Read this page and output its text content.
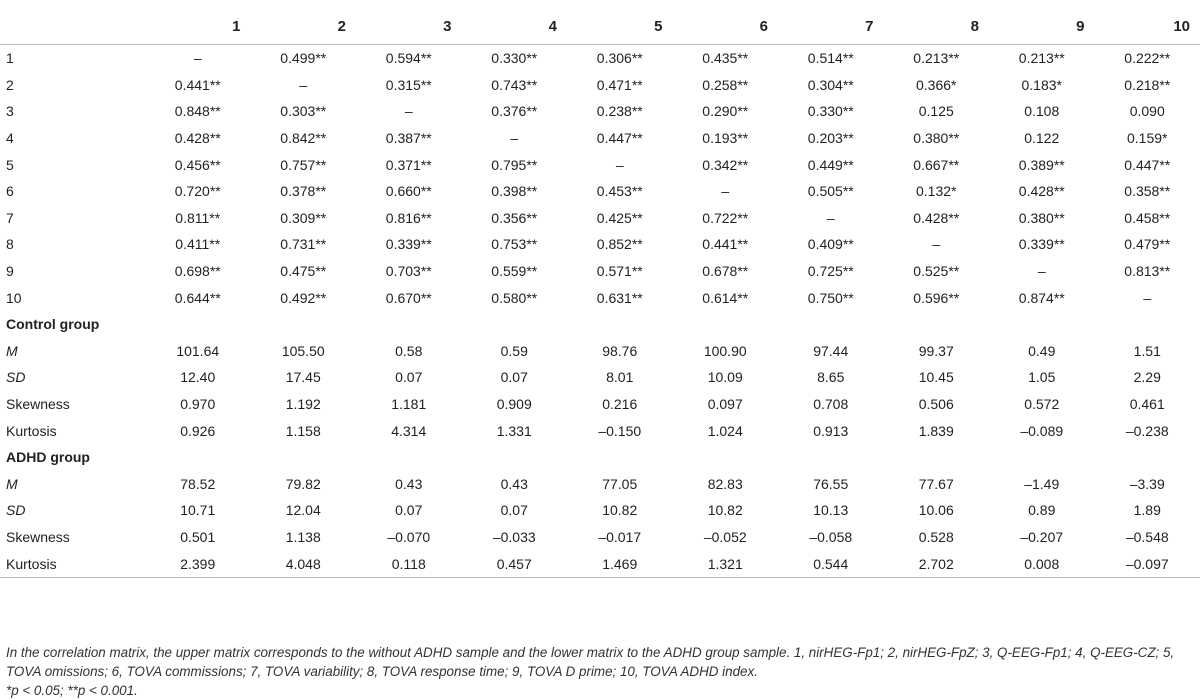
	1	2	3	4	5	6	7	8	9	10
1	–	0.499**	0.594**	0.330**	0.306**	0.435**	0.514**	0.213**	0.213**	0.222**
2	0.441**	–	0.315**	0.743**	0.471**	0.258**	0.304**	0.366*	0.183*	0.218**
3	0.848**	0.303**	–	0.376**	0.238**	0.290**	0.330**	0.125	0.108	0.090
4	0.428**	0.842**	0.387**	–	0.447**	0.193**	0.203**	0.380**	0.122	0.159*
5	0.456**	0.757**	0.371**	0.795**	–	0.342**	0.449**	0.667**	0.389**	0.447**
6	0.720**	0.378**	0.660**	0.398**	0.453**	–	0.505**	0.132*	0.428**	0.358**
7	0.811**	0.309**	0.816**	0.356**	0.425**	0.722**	–	0.428**	0.380**	0.458**
8	0.411**	0.731**	0.339**	0.753**	0.852**	0.441**	0.409**	–	0.339**	0.479**
9	0.698**	0.475**	0.703**	0.559**	0.571**	0.678**	0.725**	0.525**	–	0.813**
10	0.644**	0.492**	0.670**	0.580**	0.631**	0.614**	0.750**	0.596**	0.874**	–
Control group										
M	101.64	105.50	0.58	0.59	98.76	100.90	97.44	99.37	0.49	1.51
SD	12.40	17.45	0.07	0.07	8.01	10.09	8.65	10.45	1.05	2.29
Skewness	0.970	1.192	1.181	0.909	0.216	0.097	0.708	0.506	0.572	0.461
Kurtosis	0.926	1.158	4.314	1.331	–0.150	1.024	0.913	1.839	–0.089	–0.238
ADHD group										
M	78.52	79.82	0.43	0.43	77.05	82.83	76.55	77.67	–1.49	–3.39
SD	10.71	12.04	0.07	0.07	10.82	10.82	10.13	10.06	0.89	1.89
Skewness	0.501	1.138	–0.070	–0.033	–0.017	–0.052	–0.058	0.528	–0.207	–0.548
Kurtosis	2.399	4.048	0.118	0.457	1.469	1.321	0.544	2.702	0.008	–0.097

In the correlation matrix, the upper matrix corresponds to the without ADHD sample and the lower matrix to the ADHD group sample. 1, nirHEG-Fp1; 2, nirHEG-FpZ; 3, Q-EEG-Fp1; 4, Q-EEG-CZ; 5, TOVA omissions; 6, TOVA commissions; 7, TOVA variability; 8, TOVA response time; 9, TOVA D prime; 10, TOVA ADHD index.

*p < 0.05; **p < 0.001.
